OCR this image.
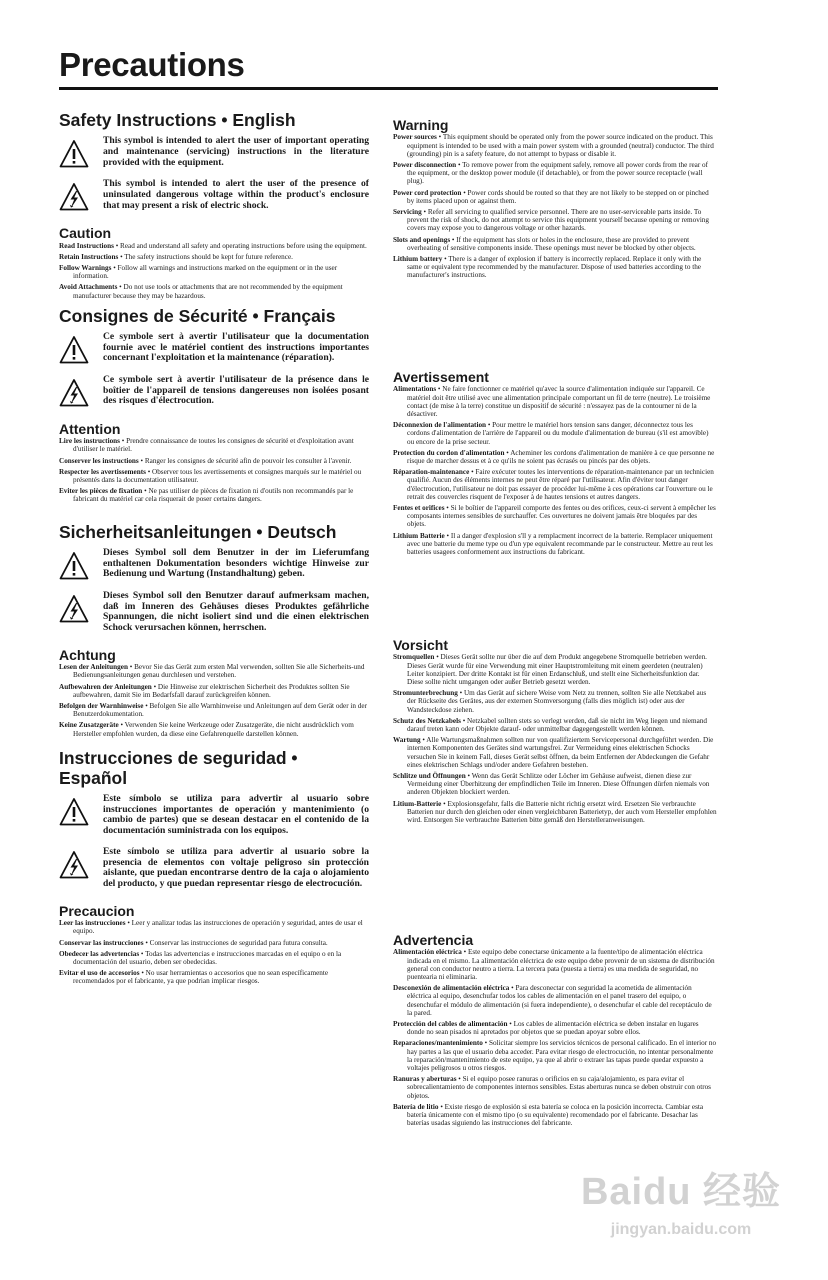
Precautions
Safety Instructions • English

This symbol is intended to alert the user of important operating and maintenance (servicing) instructions in the literature provided with the equipment.

This symbol is intended to alert the user of the presence of uninsulated dangerous voltage within the product's enclosure that may present a risk of electric shock.

Caution
Read Instructions • Read and understand all safety and operating instructions before using the equipment.
Retain Instructions • The safety instructions should be kept for future reference.
Follow Warnings • Follow all warnings and instructions marked on the equipment or in the user information.
Avoid Attachments • Do not use tools or attachments that are not recommended by the equipment manufacturer because they may be hazardous.
Consignes de Sécurité • Français

Ce symbole sert à avertir l'utilisateur que la documentation fournie avec le matériel contient des instructions importantes concernant l'exploitation et la maintenance (réparation).

Ce symbole sert à avertir l'utilisateur de la présence dans le boîtier de l'appareil de tensions dangereuses non isolées posant des risques d'électrocution.

Attention
Lire les instructions • Prendre connaissance de toutes les consignes de sécurité et d'exploitation avant d'utiliser le matériel.
Conserver les instructions • Ranger les consignes de sécurité afin de pouvoir les consulter à l'avenir.
Respecter les avertissements • Observer tous les avertissements et consignes marqués sur le matériel ou présentés dans la documentation utilisateur.
Eviter les pièces de fixation • Ne pas utiliser de pièces de fixation ni d'outils non recommandés par le fabricant du matériel car cela risquerait de poser certains dangers.
Sicherheitsanleitungen • Deutsch

Dieses Symbol soll dem Benutzer in der im Lieferumfang enthaltenen Dokumentation besonders wichtige Hinweise zur Bedienung und Wartung (Instandhaltung) geben.

Dieses Symbol soll den Benutzer darauf aufmerksam machen, daß im Inneren des Gehäuses dieses Produktes gefährliche Spannungen, die nicht isoliert sind und die einen elektrischen Schock verursachen können, herrschen.

Achtung
Lesen der Anleitungen • Bevor Sie das Gerät zum ersten Mal verwenden, sollten Sie alle Sicherheits-und Bedienungsanleitungen genau durchlesen und verstehen.
Aufbewahren der Anleitungen • Die Hinweise zur elektrischen Sicherheit des Produktes sollten Sie aufbewahren, damit Sie im Bedarfsfall darauf zurückgreifen können.
Befolgen der Warnhinweise • Befolgen Sie alle Warnhinweise und Anleitungen auf dem Gerät oder in der Benutzerdokumentation.
Keine Zusatzgeräte • Verwenden Sie keine Werkzeuge oder Zusatzgeräte, die nicht ausdrücklich vom Hersteller empfohlen wurden, da diese eine Gefahrenquelle darstellen können.
Instrucciones de seguridad • Español

Este símbolo se utiliza para advertir al usuario sobre instrucciones importantes de operación y mantenimiento (o cambio de partes) que se desean destacar en el contenido de la documentación suministrada con los equipos.

Este símbolo se utiliza para advertir al usuario sobre la presencia de elementos con voltaje peligroso sin protección aislante, que puedan encontrarse dentro de la caja o alojamiento del producto, y que puedan representar riesgo de electrocución.

Precaucion
Leer las instrucciones • Leer y analizar todas las instrucciones de operación y seguridad, antes de usar el equipo.
Conservar las instrucciones • Conservar las instrucciones de seguridad para futura consulta.
Obedecer las advertencias • Todas las advertencias e instrucciones marcadas en el equipo o en la documentación del usuario, deben ser obedecidas.
Evitar el uso de accesorios • No usar herramientas o accesorios que no sean específicamente recomendados por el fabricante, ya que podrian implicar riesgos.
Warning
Power sources • This equipment should be operated only from the power source indicated on the product. This equipment is intended to be used with a main power system with a grounded (neutral) conductor. The third (grounding) pin is a safety feature, do not attempt to bypass or disable it.
Power disconnection • To remove power from the equipment safely, remove all power cords from the rear of the equipment, or the desktop power module (if detachable), or from the power source receptacle (wall plug).
Power cord protection • Power cords should be routed so that they are not likely to be stepped on or pinched by items placed upon or against them.
Servicing • Refer all servicing to qualified service personnel. There are no user-serviceable parts inside. To prevent the risk of shock, do not attempt to service this equipment yourself because opening or removing covers may expose you to dangerous voltage or other hazards.
Slots and openings • If the equipment has slots or holes in the enclosure, these are provided to prevent overheating of sensitive components inside. These openings must never be blocked by other objects.
Lithium battery • There is a danger of explosion if battery is incorrectly replaced. Replace it only with the same or equivalent type recommended by the manufacturer. Dispose of used batteries according to the manufacturer's instructions.
Avertissement
Alimentations • Ne faire fonctionner ce matériel qu'avec la source d'alimentation indiquée sur l'appareil. Ce matériel doit être utilisé avec une alimentation principale comportant un fil de terre (neutre). Le troisième contact (de mise à la terre) constitue un dispositif de sécurité : n'essayez pas de la contourner ni de la désactiver.
Déconnexion de l'alimentation • Pour mettre le matériel hors tension sans danger, déconnectez tous les cordons d'alimentation de l'arrière de l'appareil ou du module d'alimentation de bureau (s'il est amovible) ou encore de la prise secteur.
Protection du cordon d'alimentation • Acheminer les cordons d'alimentation de manière à ce que personne ne risque de marcher dessus et à ce qu'ils ne soient pas écrasés ou pincés par des objets.
Réparation-maintenance • Faire exécuter toutes les interventions de réparation-maintenance par un technicien qualifié. Aucun des éléments internes ne peut être réparé par l'utilisateur. Afin d'éviter tout danger d'électrocution, l'utilisateur ne doit pas essayer de procéder lui-même à ces opérations car l'ouverture ou le retrait des couvercles risquent de l'exposer à de hautes tensions et autres dangers.
Fentes et orifices • Si le boîtier de l'appareil comporte des fentes ou des orifices, ceux-ci servent à empêcher les composants internes sensibles de surchauffer. Ces ouvertures ne doivent jamais être bloquées par des objets.
Lithium Batterie • Il a danger d'explosion s'll y a remplacment incorrect de la batterie. Remplacer uniquement avec une batterie du meme type ou d'un ype equivalent recommande par le constructeur. Mettre au reut les batteries usagees conformement aux instructions du fabricant.
Vorsicht
Stromquellen • Dieses Gerät sollte nur über die auf dem Produkt angegebene Stromquelle betrieben werden. Dieses Gerät wurde für eine Verwendung mit einer Hauptstromleitung mit einem geerdeten (neutralen) Leiter konzipiert. Der dritte Kontakt ist für einen Erdanschluß, und stellt eine Sicherheitsfunktion dar. Diese sollte nicht umgangen oder außer Betrieb gesetzt werden.
Stromunterbrechung • Um das Gerät auf sichere Weise vom Netz zu trennen, sollten Sie alle Netzkabel aus der Rückseite des Gerätes, aus der externen Stomversorgung (falls dies möglich ist) oder aus der Wandsteckdose ziehen.
Schutz des Netzkabels • Netzkabel sollten stets so verlegt werden, daß sie nicht im Weg liegen und niemand darauf treten kann oder Objekte darauf- oder unmittelbar dagegengestellt werden können.
Wartung • Alle Wartungsmaßnahmen sollten nur von qualifiziertem Servicepersonal durchgeführt werden. Die internen Komponenten des Gerätes sind wartungsfrei. Zur Vermeidung eines elektrischen Schocks versuchen Sie in keinem Fall, dieses Gerät selbst öffnen, da beim Entfernen der Abdeckungen die Gefahr eines elektrischen Schlags und/oder andere Gefahren bestehen.
Schlitze und Öffnungen • Wenn das Gerät Schlitze oder Löcher im Gehäuse aufweist, dienen diese zur Vermeidung einer Überhitzung der empfindlichen Teile im Inneren. Diese Öffnungen dürfen niemals von anderen Objekten blockiert werden.
Litium-Batterie • Explosionsgefahr, falls die Batterie nicht richtig ersetzt wird. Ersetzen Sie verbrauchte Batterien nur durch den gleichen oder einen vergleichbaren Batterietyp, der auch vom Hersteller empfohlen wird. Entsorgen Sie verbrauchte Batterien bitte gemäß den Herstelleranweisungen.
Advertencia
Alimentación eléctrica • Este equipo debe conectarse únicamente a la fuente/tipo de alimentación eléctrica indicada en el mismo. La alimentación eléctrica de este equipo debe provenir de un sistema de distribución general con conductor neutro a tierra. La tercera pata (puesta a tierra) es una medida de seguridad, no puentearia ni eliminaria.
Desconexión de alimentación eléctrica • Para desconectar con seguridad la acometida de alimentación eléctrica al equipo, desenchufar todos los cables de alimentación en el panel trasero del equipo, o desenchufar el módulo de alimentación (si fuera independiente), o desenchufar el cable del receptáculo de la pared.
Protección del cables de alimentación • Los cables de alimentación eléctrica se deben instalar en lugares donde no sean pisados ni apretados por objetos que se puedan apoyar sobre ellos.
Reparaciones/mantenimiento • Solicitar siempre los servicios técnicos de personal calificado. En el interior no hay partes a las que el usuario deba acceder. Para evitar riesgo de electrocución, no intentar personalmente la reparación/mantenimiento de este equipo, ya que al abrir o extraer las tapas puede quedar expuesto a voltajes peligrosos u otros riesgos.
Ranuras y aberturas • Si el equipo posee ranuras o orificios en su caja/alojamiento, es para evitar el sobrecalientamiento de componentes internos sensibles. Estas aberturas nunca se deben obstruir con otros objetos.
Batería de litio • Existe riesgo de explosión si esta batería se coloca en la posición incorrecta. Cambiar esta batería únicamente con el mismo tipo (o su equivalente) recomendado por el fabricante. Desachar las baterías usadas siguiendo las instrucciones del fabricante.
Baidu 经验
jingyan.baidu.com
